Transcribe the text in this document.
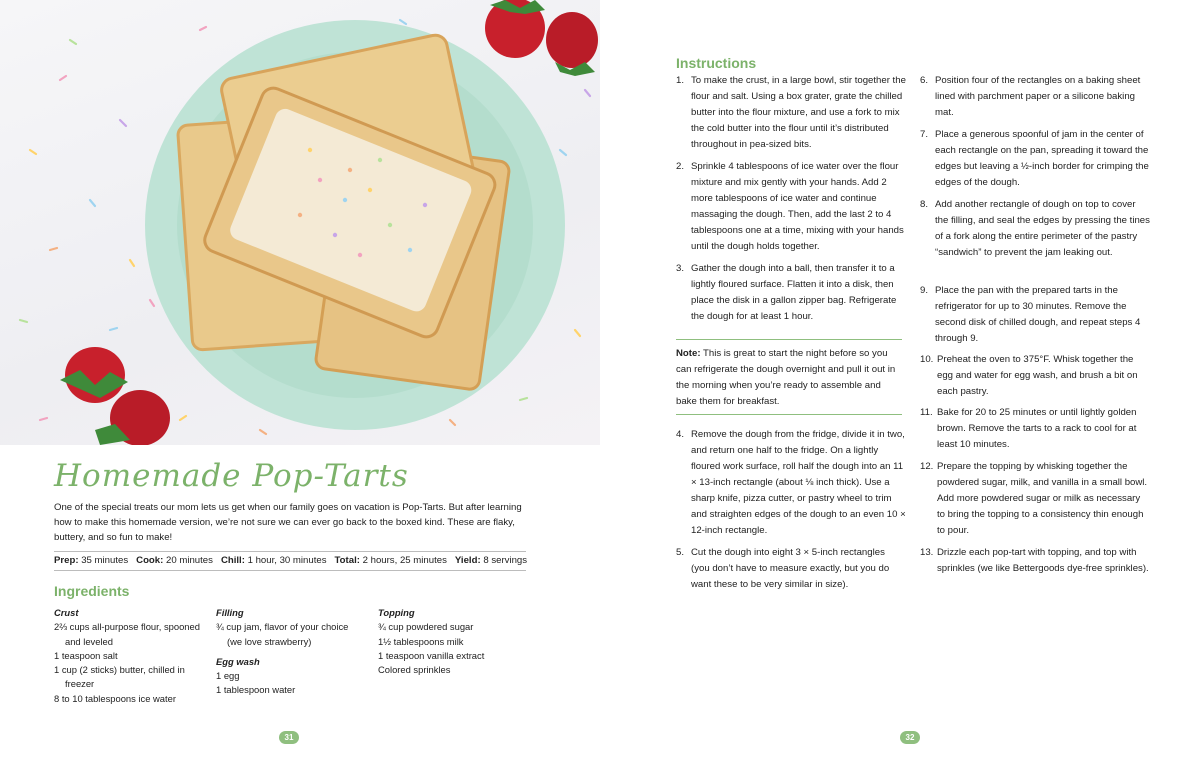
Homemade Pop-Tarts
One of the special treats our mom lets us get when our family goes on vacation is Pop-Tarts. But after learning how to make this homemade version, we’re not sure we can ever go back to the boxed kind. These are flaky, buttery, and so fun to make!
Prep: 35 minutes Cook: 20 minutes Chill: 1 hour, 30 minutes Total: 2 hours, 25 minutes Yield: 8 servings
Ingredients
Crust
2⅔ cups all-purpose flour, spooned and leveled
1 teaspoon salt
1 cup (2 sticks) butter, chilled in freezer
8 to 10 tablespoons ice water
Filling
¾ cup jam, flavor of your choice (we love strawberry)
Egg wash
1 egg
1 tablespoon water
Topping
¾ cup powdered sugar
1½ tablespoons milk
1 teaspoon vanilla extract
Colored sprinkles
31
Instructions
1. To make the crust, in a large bowl, stir together the flour and salt. Using a box grater, grate the chilled butter into the flour mixture, and use a fork to mix the cold butter into the flour until it’s distributed throughout in pea-sized bits.
2. Sprinkle 4 tablespoons of ice water over the flour mixture and mix gently with your hands. Add 2 more tablespoons of ice water and continue massaging the dough. Then, add the last 2 to 4 tablespoons one at a time, mixing with your hands until the dough holds together.
3. Gather the dough into a ball, then transfer it to a lightly floured surface. Flatten it into a disk, then place the disk in a gallon zipper bag. Refrigerate the dough for at least 1 hour.
Note: This is great to start the night before so you can refrigerate the dough overnight and pull it out in the morning when you’re ready to assemble and bake them for breakfast.
4. Remove the dough from the fridge, divide it in two, and return one half to the fridge. On a lightly floured work surface, roll half the dough into an 11 × 13-inch rectangle (about ⅛ inch thick). Use a sharp knife, pizza cutter, or pastry wheel to trim and straighten edges of the dough to an even 10 × 12-inch rectangle.
5. Cut the dough into eight 3 × 5-inch rectangles (you don’t have to measure exactly, but you do want these to be very similar in size).
6. Position four of the rectangles on a baking sheet lined with parchment paper or a silicone baking mat.
7. Place a generous spoonful of jam in the center of each rectangle on the pan, spreading it toward the edges but leaving a ½-inch border for crimping the edges of the dough.
8. Add another rectangle of dough on top to cover the filling, and seal the edges by pressing the tines of a fork along the entire perimeter of the pastry “sandwich” to prevent the jam leaking out.
9. Place the pan with the prepared tarts in the refrigerator for up to 30 minutes. Remove the second disk of chilled dough, and repeat steps 4 through 9.
10. Preheat the oven to 375°F. Whisk together the egg and water for egg wash, and brush a bit on each pastry.
11. Bake for 20 to 25 minutes or until lightly golden brown. Remove the tarts to a rack to cool for at least 10 minutes.
12. Prepare the topping by whisking together the powdered sugar, milk, and vanilla in a small bowl. Add more powdered sugar or milk as necessary to bring the topping to a consistency thin enough to pour.
13. Drizzle each pop-tart with topping, and top with sprinkles (we like Bettergoods dye-free sprinkles).
32
